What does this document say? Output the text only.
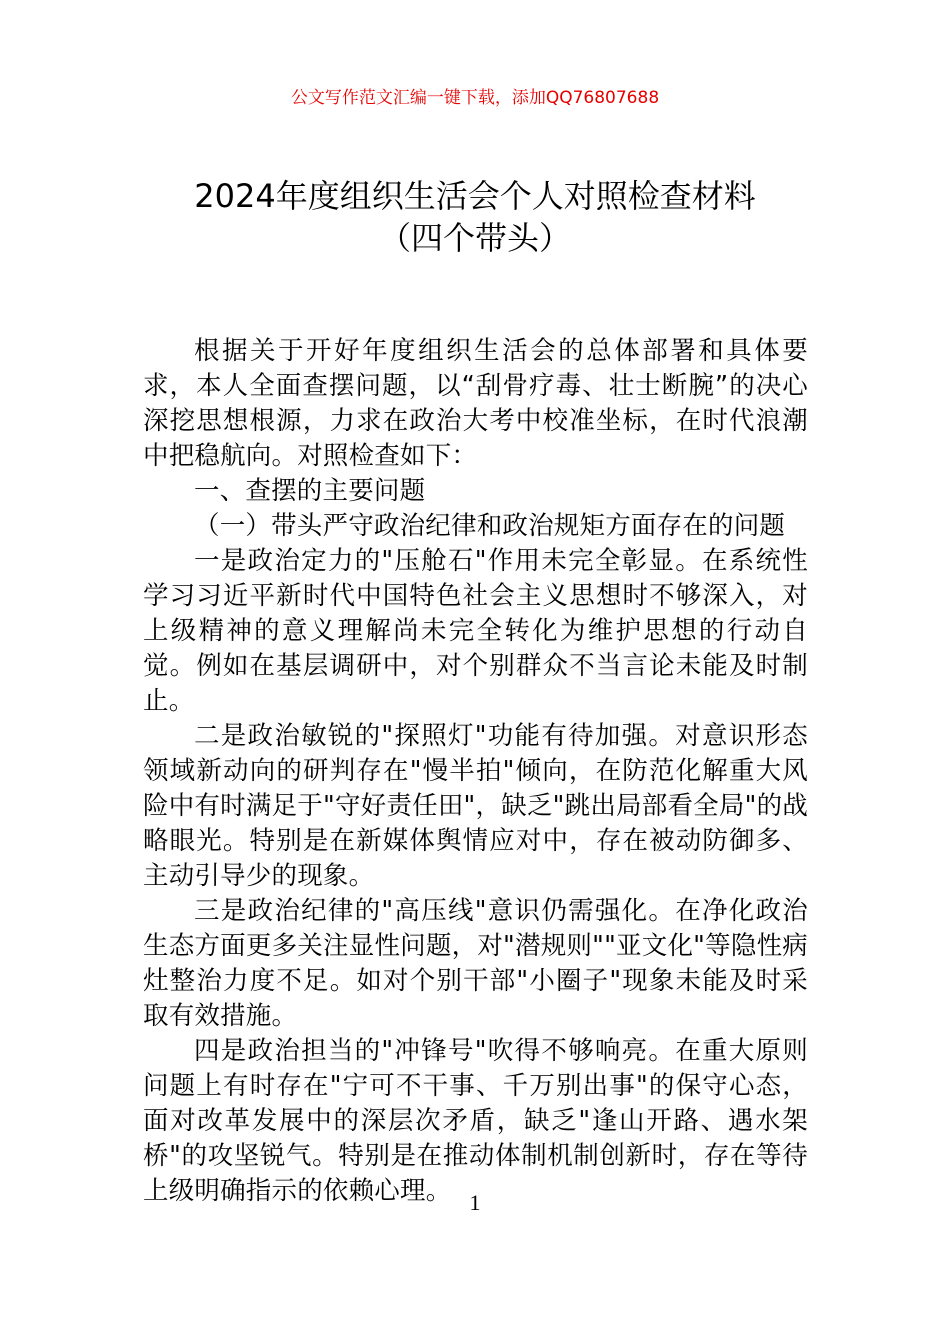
公文写作范文汇编一键下载，添加QQ76807688
2024年度组织生活会个人对照检查材料
（四个带头）

根据关于开好年度组织生活会的总体部署和具体要求，本人全面查摆问题，以“刮骨疗毒、壮士断腕”的决心深挖思想根源，力求在政治大考中校准坐标，在时代浪潮中把稳航向。对照检查如下：

一、查摆的主要问题

（一）带头严守政治纪律和政治规矩方面存在的问题

一是政治定力的"压舱石"作用未完全彰显。在系统性学习习近平新时代中国特色社会主义思想时不够深入，对上级精神的意义理解尚未完全转化为维护思想的行动自觉。例如在基层调研中，对个别群众不当言论未能及时制止。

二是政治敏锐的"探照灯"功能有待加强。对意识形态领域新动向的研判存在"慢半拍"倾向，在防范化解重大风险中有时满足于"守好责任田"，缺乏"跳出局部看全局"的战略眼光。特别是在新媒体舆情应对中，存在被动防御多、主动引导少的现象。

三是政治纪律的"高压线"意识仍需强化。在净化政治生态方面更多关注显性问题，对"潜规则""亚文化"等隐性病灶整治力度不足。如对个别干部"小圈子"现象未能及时采取有效措施。

四是政治担当的"冲锋号"吹得不够响亮。在重大原则问题上有时存在"宁可不干事、千万别出事"的保守心态，面对改革发展中的深层次矛盾，缺乏"逢山开路、遇水架桥"的攻坚锐气。特别是在推动体制机制创新时，存在等待上级明确指示的依赖心理。 1
